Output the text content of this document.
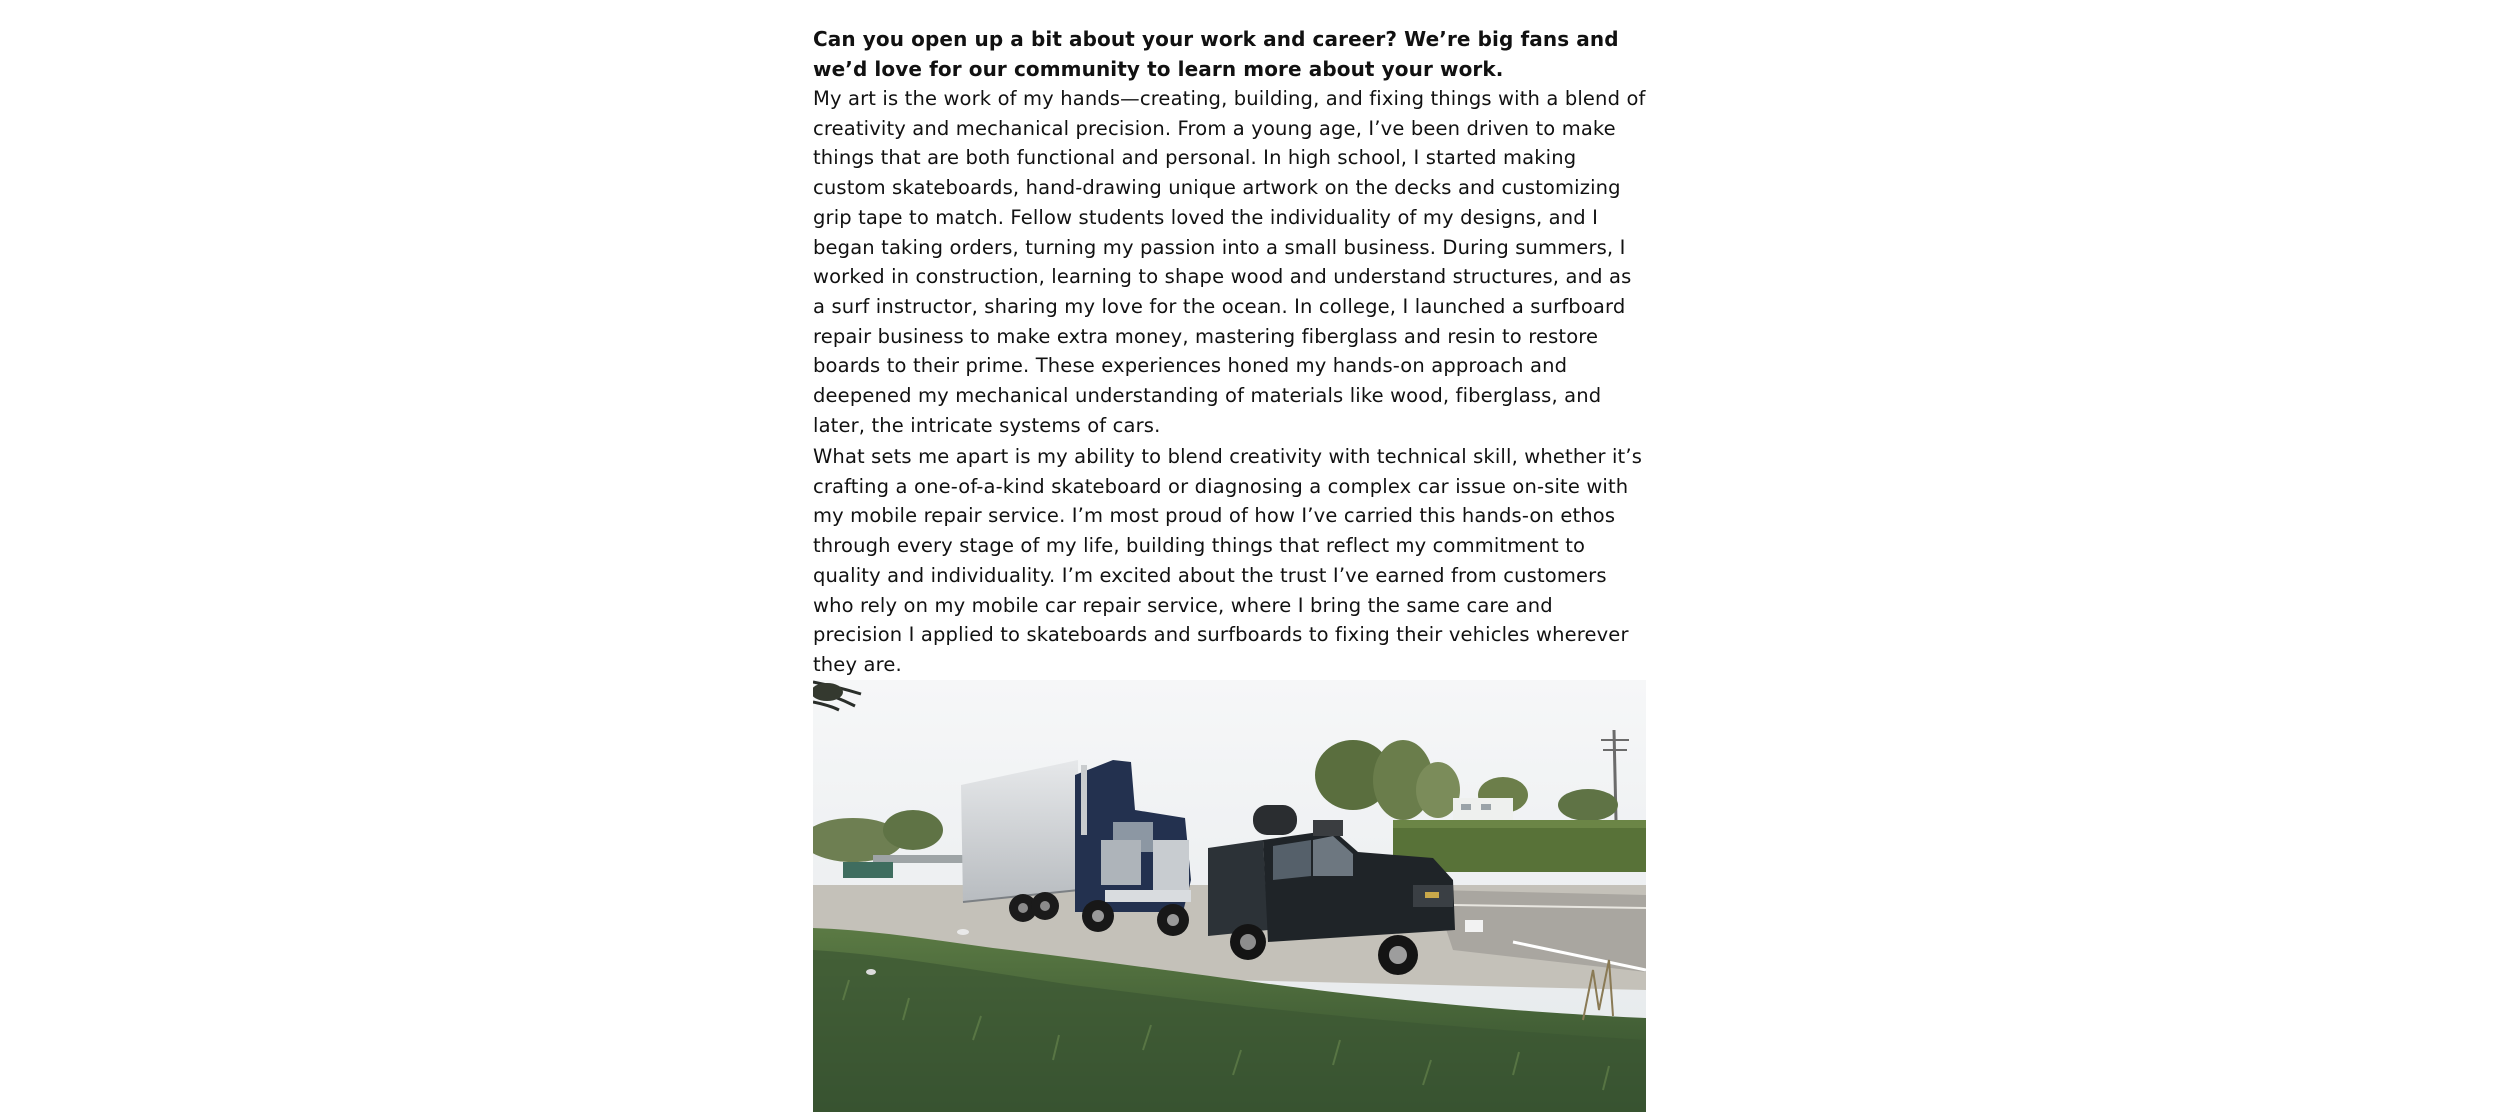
Can you open up a bit about your work and career? We’re big fans and we’d love for our community to learn more about your work.

My art is the work of my hands—creating, building, and fixing things with a blend of creativity and mechanical precision. From a young age, I’ve been driven to make things that are both functional and personal. In high school, I started making custom skateboards, hand-drawing unique artwork on the decks and customizing grip tape to match. Fellow students loved the individuality of my designs, and I began taking orders, turning my passion into a small business. During summers, I worked in construction, learning to shape wood and understand structures, and as a surf instructor, sharing my love for the ocean. In college, I launched a surfboard repair business to make extra money, mastering fiberglass and resin to restore boards to their prime. These experiences honed my hands-on approach and deepened my mechanical understanding of materials like wood, fiberglass, and later, the intricate systems of cars.

What sets me apart is my ability to blend creativity with technical skill, whether it’s crafting a one-of-a-kind skateboard or diagnosing a complex car issue on-site with my mobile repair service. I’m most proud of how I’ve carried this hands-on ethos through every stage of my life, building things that reflect my commitment to quality and individuality. I’m excited about the trust I’ve earned from customers who rely on my mobile car repair service, where I bring the same care and precision I applied to skateboards and surfboards to fixing their vehicles wherever they are.
